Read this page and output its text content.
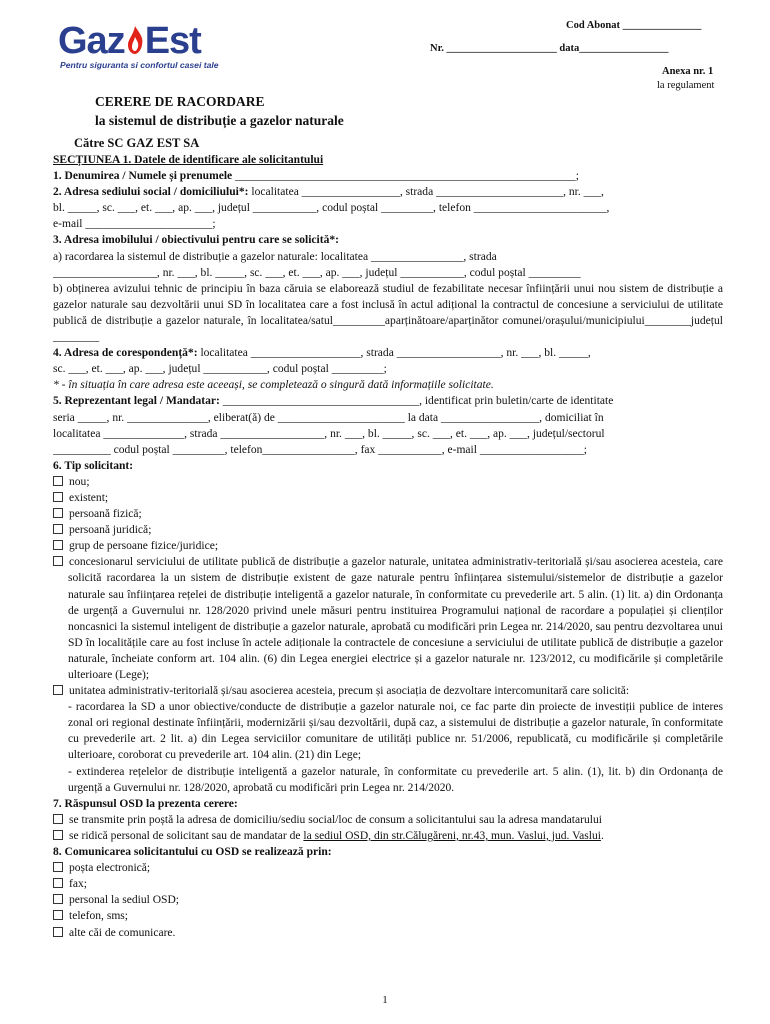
Gaz Est
Pentru siguranta si confortul casei tale
Cod Abonat _______________
Nr. _____________________ data_________________
Anexa nr. 1
la regulament
CERERE DE RACORDARE
la sistemul de distribuție a gazelor naturale
Către SC GAZ EST SA
SECȚIUNEA 1. Datele de identificare ale solicitantului
1. Denumirea / Numele și prenumele ___________________________________________________________;
2. Adresa sediului social / domiciliului*: localitatea _________________, strada ______________________, nr. ___,
bl. _____, sc. ___, et. ___, ap. ___, județul ___________, codul poștal _________, telefon _______________________,
e-mail ______________________;
3. Adresa imobilului / obiectivului pentru care se solicită*:
a) racordarea la sistemul de distribuție a gazelor naturale: localitatea ________________, strada
__________________, nr. ___, bl. _____, sc. ___, et. ___, ap. ___, județul ___________, codul poștal _________

b) obținerea avizului tehnic de principiu în baza căruia se elaborează studiul de fezabilitate necesar înființării unui nou sistem de distribuție a gazelor naturale sau dezvoltării unui SD în localitatea care a fost inclusă în actul adițional la contractul de concesiune a serviciului de utilitate publică de distribuție a gazelor naturale, în localitatea/satul_________aparținătoare/aparținător comunei/orașului/municipiului________județul ________

4. Adresa de corespondență*: localitatea ___________________, strada __________________, nr. ___, bl. _____,
sc. ___, et. ___, ap. ___, județul ___________, codul poștal _________;
* - în situația în care adresa este aceeași, se completează o singură dată informațiile solicitate.
5. Reprezentant legal / Mandatar: __________________________________, identificat prin buletin/carte de identitate
seria _____, nr. ______________, eliberat(ă) de ______________________ la data _________________, domiciliat în
localitatea ______________, strada __________________, nr. ___, bl. _____, sc. ___, et. ___, ap. ___, județul/sectorul
__________ codul poștal _________, telefon________________, fax ___________, e-mail __________________;
6. Tip solicitant:
nou;
existent;
persoană fizică;
persoană juridică;
grup de persoane fizice/juridice;
concesionarul serviciului de utilitate publică de distribuție a gazelor naturale, unitatea administrativ-teritorială și/sau asocierea acesteia, care solicită racordarea la un sistem de distribuție existent de gaze naturale pentru înființarea sistemului/sistemelor de distribuție a gazelor naturale sau înființarea rețelei de distribuție inteligentă a gazelor naturale, în conformitate cu prevederile art. 5 alin. (1) lit. a) din Ordonanța de urgență a Guvernului nr. 128/2020 privind unele măsuri pentru instituirea Programului național de racordare a populației și clienților noncasnici la sistemul inteligent de distribuție a gazelor naturale, aprobată cu modificări prin Legea nr. 214/2020, sau pentru dezvoltarea unui SD în localitățile care au fost incluse în actele adiționale la contractele de concesiune a serviciului de utilitate publică de distribuție a gazelor naturale, încheiate conform art. 104 alin. (6) din Legea energiei electrice și a gazelor naturale nr. 123/2012, cu modificările și completările ulterioare (Lege);
unitatea administrativ-teritorială și/sau asocierea acesteia, precum și asociația de dezvoltare intercomunitară care solicită:

- racordarea la SD a unor obiective/conducte de distribuție a gazelor naturale noi, ce fac parte din proiecte de investiții publice de interes zonal ori regional destinate înființării, modernizării și/sau dezvoltării, după caz, a sistemului de distribuție a gazelor naturale, în conformitate cu prevederile art. 2 lit. a) din Legea serviciilor comunitare de utilități publice nr. 51/2006, republicată, cu modificările și completările ulterioare, coroborat cu prevederile art. 104 alin. (21) din Lege;

- extinderea rețelelor de distribuție inteligentă a gazelor naturale, în conformitate cu prevederile art. 5 alin. (1), lit. b) din Ordonanța de urgență a Guvernului nr. 128/2020, aprobată cu modificări prin Legea nr. 214/2020.

7. Răspunsul OSD la prezenta cerere:
se transmite prin poștă la adresa de domiciliu/sediu social/loc de consum a solicitantului sau la adresa mandatarului
se ridică personal de solicitant sau de mandatar de la sediul OSD, din str.Călugăreni, nr.43, mun. Vaslui, jud. Vaslui.
8. Comunicarea solicitantului cu OSD se realizează prin:
poșta electronică;
fax;
personal la sediul OSD;
telefon, sms;
alte căi de comunicare.
1
